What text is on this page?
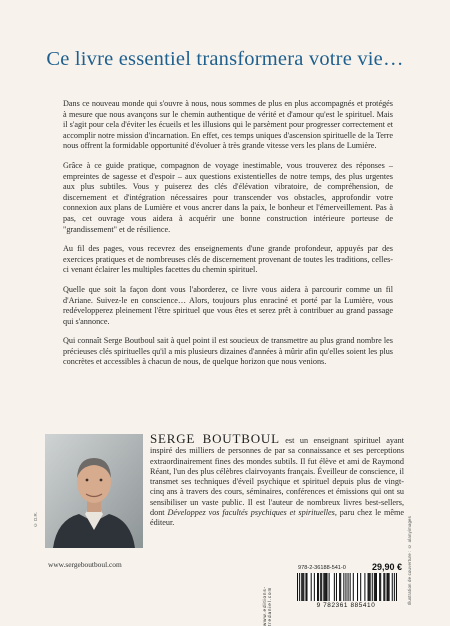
Ce livre essentiel transformera votre vie…

Dans ce nouveau monde qui s'ouvre à nous, nous sommes de plus en plus accompagnés et protégés à mesure que nous avançons sur le chemin authentique de vérité et d'amour qu'est le spirituel. Mais il s'agit pour cela d'éviter les écueils et les illusions qui le parsèment pour progresser correctement et accomplir notre mission d'incarnation. En effet, ces temps uniques d'ascension spirituelle de la Terre nous offrent la formidable opportunité d'évoluer à très grande vitesse vers les plans de Lumière.

Grâce à ce guide pratique, compagnon de voyage inestimable, vous trouverez des réponses – empreintes de sagesse et d'espoir – aux questions existentielles de notre temps, des plus urgentes aux plus subtiles. Vous y puiserez des clés d'élévation vibratoire, de compréhension, de discernement et d'intégration nécessaires pour transcender vos obstacles, approfondir votre connexion aux plans de Lumière et vous ancrer dans la paix, le bonheur et l'émerveillement. Pas à pas, cet ouvrage vous aidera à acquérir une bonne construction intérieure porteuse de "grandissement" et de résilience.

Au fil des pages, vous recevrez des enseignements d'une grande profondeur, appuyés par des exercices pratiques et de nombreuses clés de discernement provenant de toutes les traditions, celles-ci venant éclairer les multiples facettes du chemin spirituel.

Quelle que soit la façon dont vous l'aborderez, ce livre vous aidera à parcourir comme un fil d'Ariane. Suivez-le en conscience… Alors, toujours plus enraciné et porté par la Lumière, vous redévelopperez pleinement l'être spirituel que vous êtes et serez prêt à contribuer au grand passage qui s'annonce.

Qui connaît Serge Boutboul sait à quel point il est soucieux de transmettre au plus grand nombre les précieuses clés spirituelles qu'il a mis plusieurs dizaines d'années à mûrir afin qu'elles soient les plus concrètes et accessibles à chacun de nous, de quelque horizon que nous venions.

© D.R.
SERGE BOUTBOUL est un enseignant spirituel ayant inspiré des milliers de personnes de par sa connaissance et ses perceptions extraordinairement fines des mondes subtils. Il fut élève et ami de Raymond Réant, l'un des plus célèbres clairvoyants français. Éveilleur de conscience, il transmet ses techniques d'éveil psychique et spirituel depuis plus de vingt-cinq ans à travers des cours, séminaires, conférences et émissions qui ont su sensibiliser un vaste public. Il est l'auteur de nombreux livres best-sellers, dont Développez vos facultés psychiques et spirituelles, paru chez le même éditeur.
www.sergeboutboul.com
www.editions-tredaniel.com
978-2-36188-541-0	29,90 €
9 782361 885410
Illustration de couverture : © alanyimages
